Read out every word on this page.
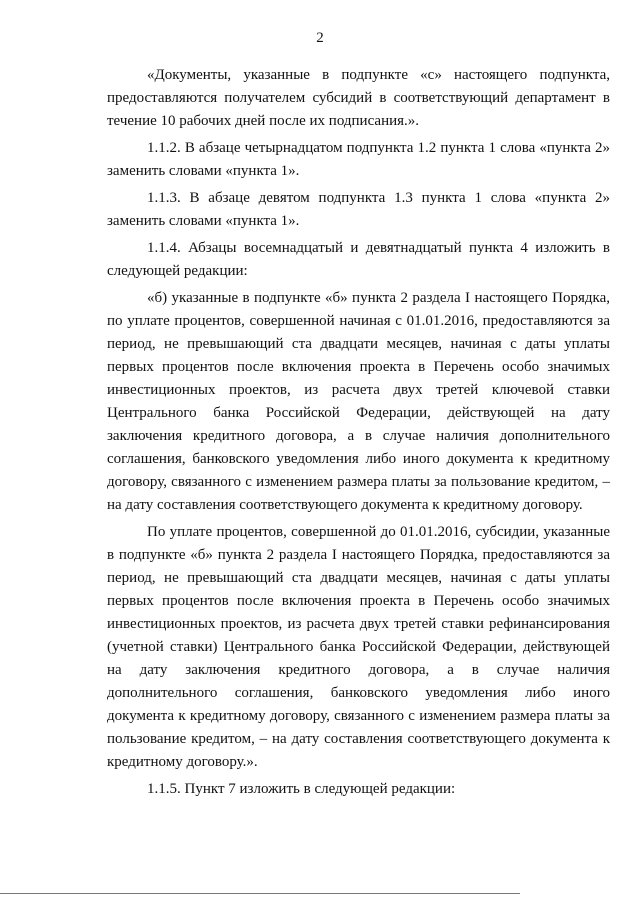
2

«Документы, указанные в подпункте «с» настоящего подпункта, предоставляются получателем субсидий в соответствующий департамент в течение 10 рабочих дней после их подписания.».

1.1.2. В абзаце четырнадцатом подпункта 1.2 пункта 1 слова «пункта 2» заменить словами «пункта 1».

1.1.3. В абзаце девятом подпункта 1.3 пункта 1 слова «пункта 2» заменить словами «пункта 1».

1.1.4. Абзацы восемнадцатый и девятнадцатый пункта 4 изложить в следующей редакции:

«б) указанные в подпункте «б» пункта 2 раздела I настоящего Порядка, по уплате процентов, совершенной начиная с 01.01.2016, предоставляются за период, не превышающий ста двадцати месяцев, начиная с даты уплаты первых процентов после включения проекта в Перечень особо значимых инвестиционных проектов, из расчета двух третей ключевой ставки Центрального банка Российской Федерации, действующей на дату заключения кредитного договора, а в случае наличия дополнительного соглашения, банковского уведомления либо иного документа к кредитному договору, связанного с изменением размера платы за пользование кредитом, – на дату составления соответствующего документа к кредитному договору.

По уплате процентов, совершенной до 01.01.2016, субсидии, указанные в подпункте «б» пункта 2 раздела I настоящего Порядка, предоставляются за период, не превышающий ста двадцати месяцев, начиная с даты уплаты первых процентов после включения проекта в Перечень особо значимых инвестиционных проектов, из расчета двух третей ставки рефинансирования (учетной ставки) Центрального банка Российской Федерации, действующей на дату заключения кредитного договора, а в случае наличия дополнительного соглашения, банковского уведомления либо иного документа к кредитному договору, связанного с изменением размера платы за пользование кредитом, – на дату составления соответствующего документа к кредитному договору.».

1.1.5. Пункт 7 изложить в следующей редакции:
